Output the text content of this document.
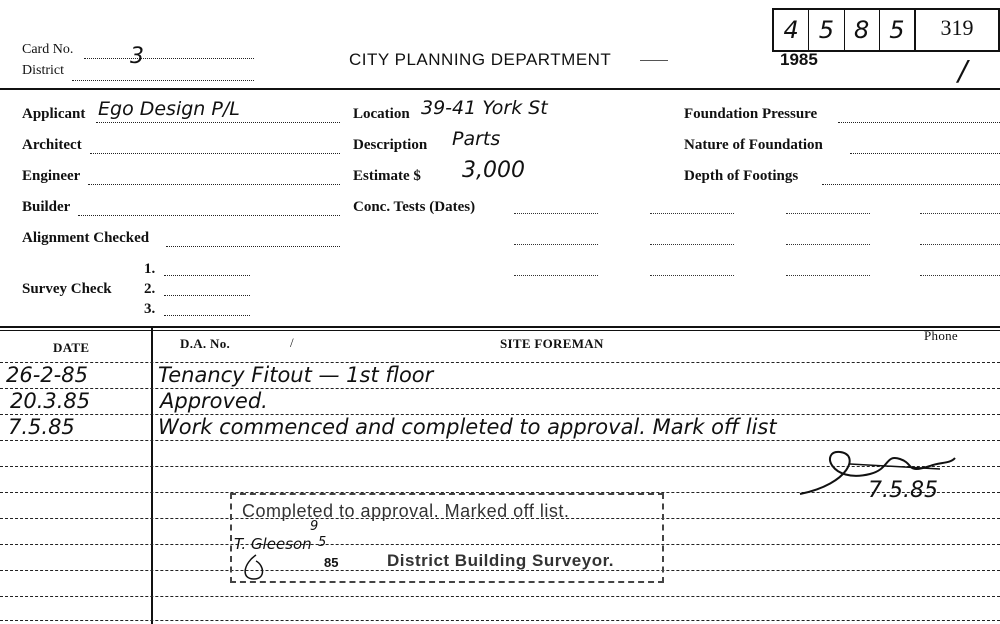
Card No.	3
District
CITY PLANNING DEPARTMENT
4 5 8 5	319
1985	/
Applicant Ego Design P/L
Architect
Engineer
Builder
Alignment Checked
Survey Check
1.
2.
3.
Location 39-41 York St
Description Parts
Estimate $ 3,000
Conc. Tests (Dates)
Foundation Pressure
Nature of Foundation
Depth of Footings
DATE	D.A. No.	/	SITE FOREMAN
Phone
26-2-85	Tenancy Fitout — 1st floor
20.3.85	Approved.
7.5.85	Work commenced and completed to approval. Mark off list
7.5.85
Completed to approval. Marked off list.
District Building Surveyor.
T. Gleeson
9
5
85
